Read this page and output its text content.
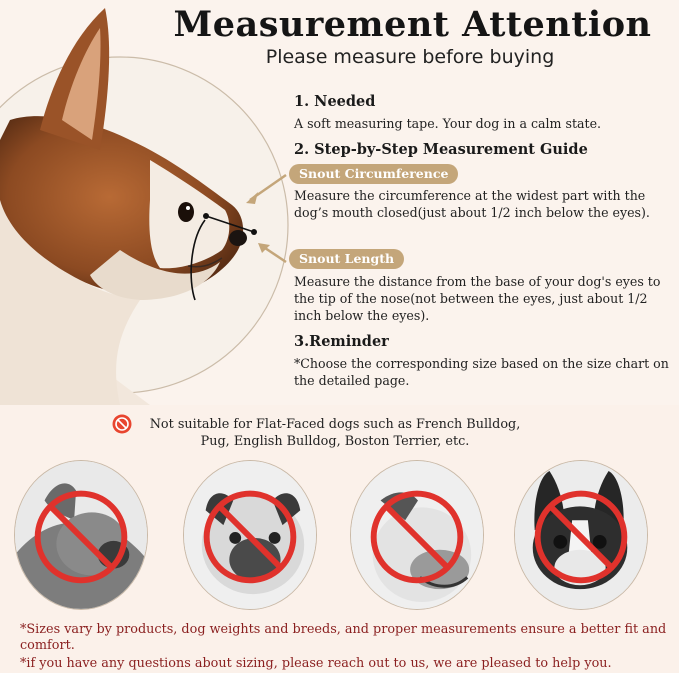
Measurement Attention
Please measure before buying
1. Needed
A soft measuring tape. Your dog in a calm state.
2. Step-by-Step Measurement Guide
Snout Circumference
Measure the circumference at the widest part with the dog’s mouth closed(just about 1/2 inch below the eyes).
Snout Length
Measure the distance from the base of your dog's eyes to the tip of the nose(not between the eyes, just about 1/2 inch below the eyes).
3.Reminder
*Choose the corresponding size based on the size chart on the detailed page.
Not suitable for Flat-Faced dogs such as French Bulldog, Pug, English Bulldog, Boston Terrier, etc.
*Sizes vary by products, dog weights and breeds, and proper measurements ensure a better fit and comfort.
*if you have any questions about sizing, please reach out to us, we are pleased to help you.
